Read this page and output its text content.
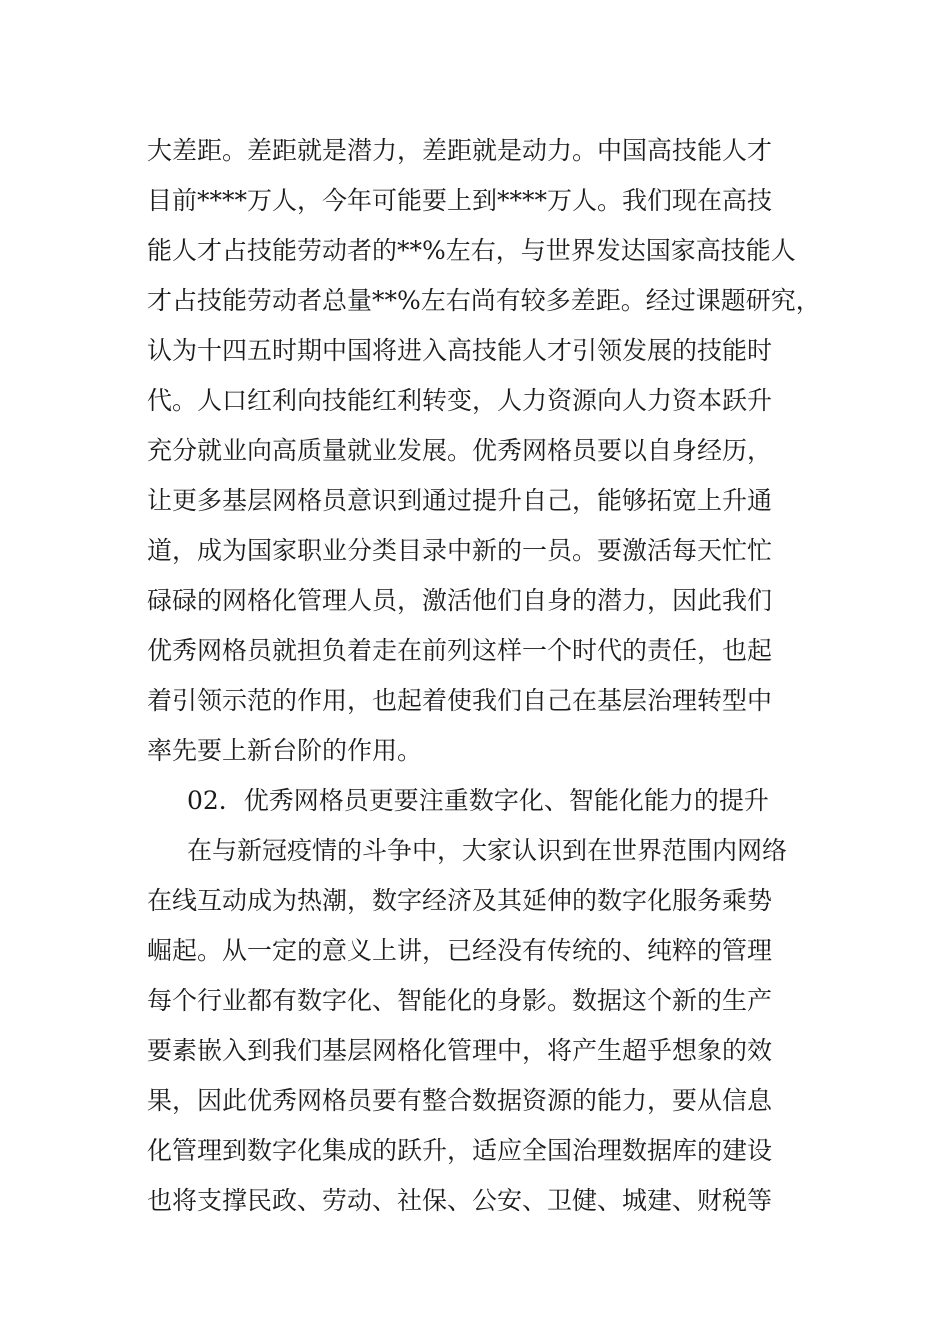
大差距。差距就是潜力，差距就是动力。中国高技能人才
目前****万人，今年可能要上到****万人。我们现在高技
能人才占技能劳动者的**%左右，与世界发达国家高技能人
才占技能劳动者总量**%左右尚有较多差距。经过课题研究，
认为十四五时期中国将进入高技能人才引领发展的技能时
代。人口红利向技能红利转变，人力资源向人力资本跃升
充分就业向高质量就业发展。优秀网格员要以自身经历，
让更多基层网格员意识到通过提升自己，能够拓宽上升通
道，成为国家职业分类目录中新的一员。要激活每天忙忙
碌碌的网格化管理人员，激活他们自身的潜力，因此我们
优秀网格员就担负着走在前列这样一个时代的责任，也起
着引领示范的作用，也起着使我们自己在基层治理转型中
率先要上新台阶的作用。
02．优秀网格员更要注重数字化、智能化能力的提升
在与新冠疫情的斗争中，大家认识到在世界范围内网络
在线互动成为热潮，数字经济及其延伸的数字化服务乘势
崛起。从一定的意义上讲，已经没有传统的、纯粹的管理
每个行业都有数字化、智能化的身影。数据这个新的生产
要素嵌入到我们基层网格化管理中，将产生超乎想象的效
果，因此优秀网格员要有整合数据资源的能力，要从信息
化管理到数字化集成的跃升，适应全国治理数据库的建设
也将支撑民政、劳动、社保、公安、卫健、城建、财税等
